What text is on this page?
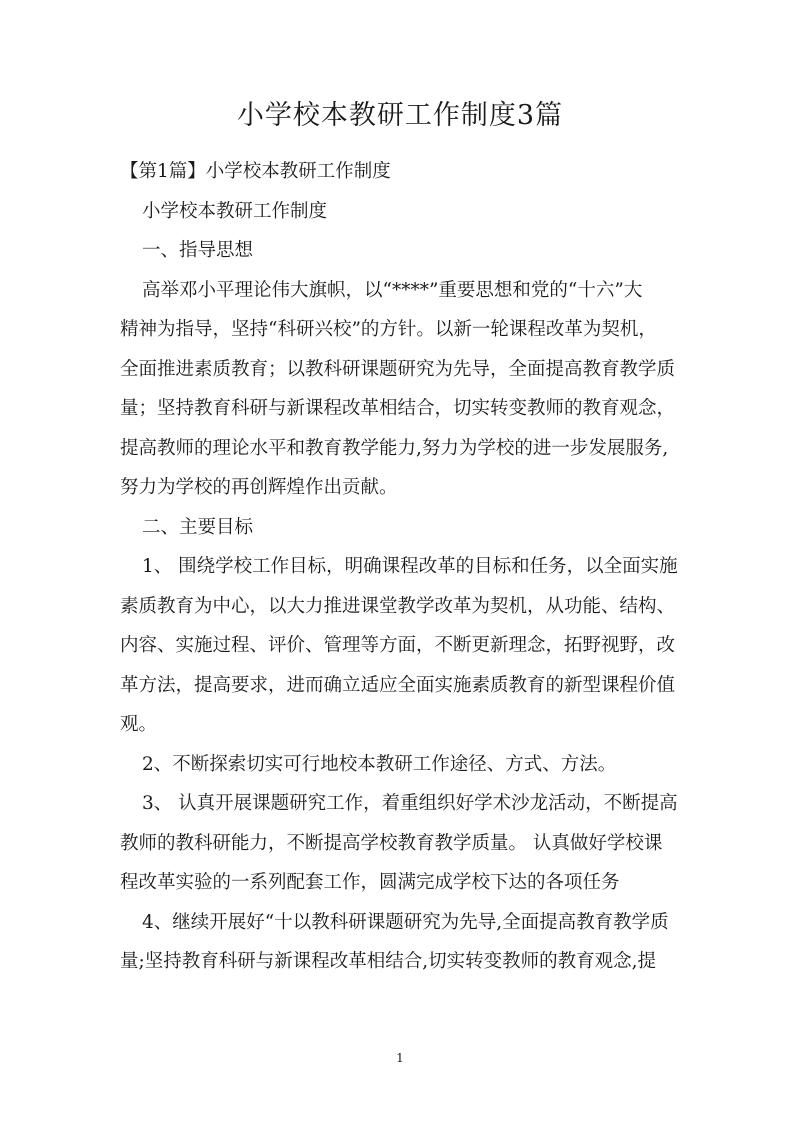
小学校本教研工作制度3篇
【第1篇】小学校本教研工作制度
小学校本教研工作制度
一、指导思想
高举邓小平理论伟大旗帜，以“****”重要思想和党的“十六”大
精神为指导，坚持“科研兴校”的方针。以新一轮课程改革为契机，
全面推进素质教育；以教科研课题研究为先导，全面提高教育教学质
量；坚持教育科研与新课程改革相结合，切实转变教师的教育观念，
提高教师的理论水平和教育教学能力,努力为学校的进一步发展服务,
努力为学校的再创辉煌作出贡献。
二、主要目标
1、 围绕学校工作目标，明确课程改革的目标和任务，以全面实施
素质教育为中心，以大力推进课堂教学改革为契机，从功能、结构、
内容、实施过程、评价、管理等方面，不断更新理念，拓野视野，改
革方法，提高要求，进而确立适应全面实施素质教育的新型课程价值
观。
2、不断探索切实可行地校本教研工作途径、方式、方法。
3、 认真开展课题研究工作，着重组织好学术沙龙活动，不断提高
教师的教科研能力，不断提高学校教育教学质量。 认真做好学校课
程改革实验的一系列配套工作，圆满完成学校下达的各项任务
4、继续开展好“十以教科研课题研究为先导,全面提高教育教学质
量;坚持教育科研与新课程改革相结合,切实转变教师的教育观念,提
1
